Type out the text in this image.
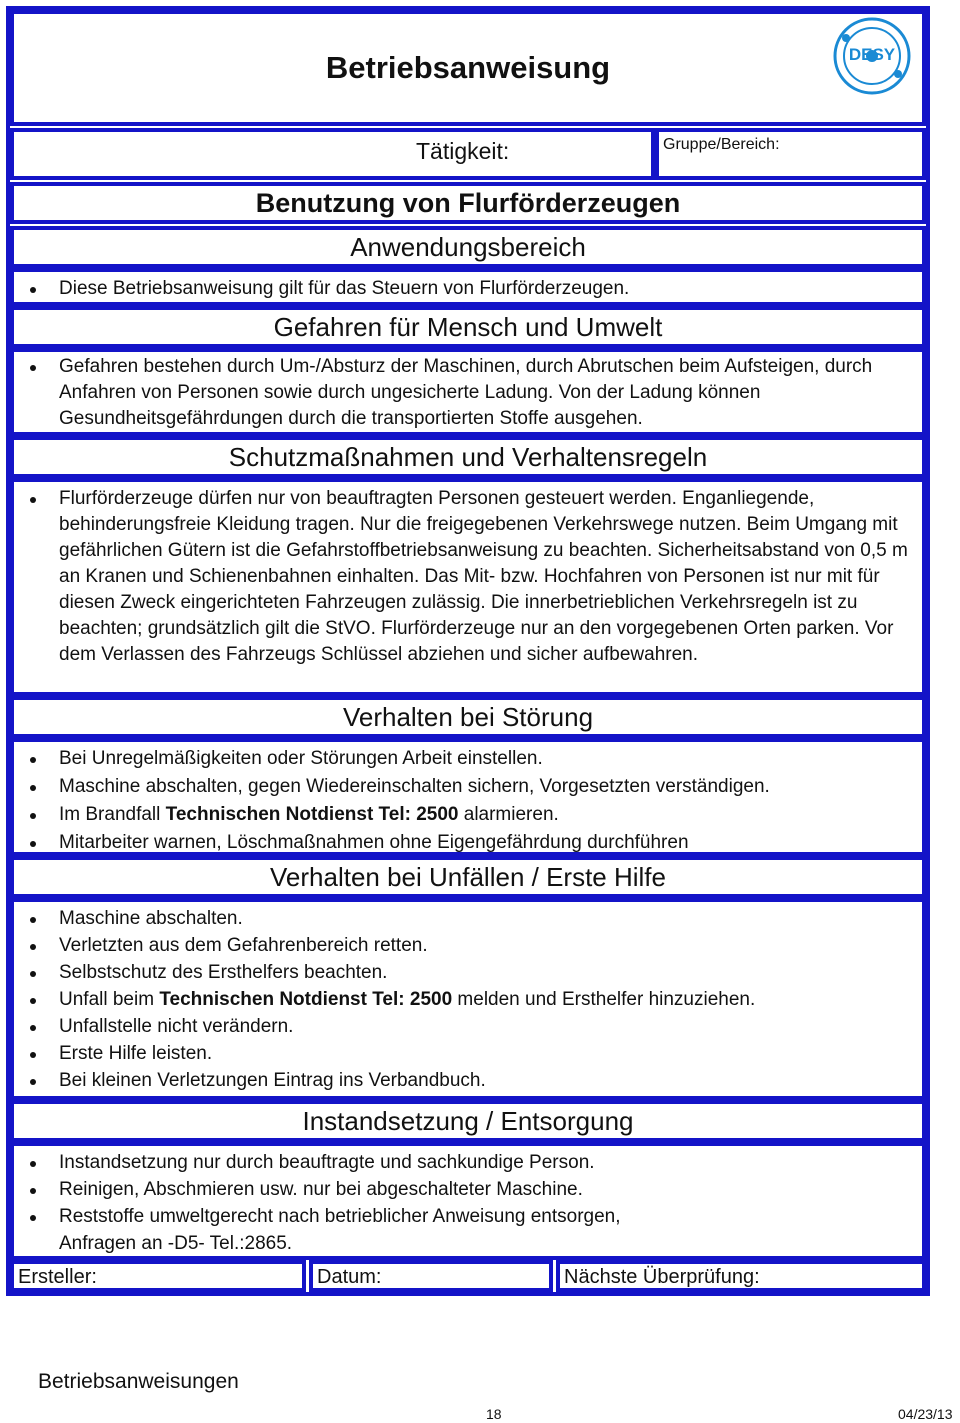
Betriebsanweisung	DESY
Tätigkeit:	Gruppe/Bereich:
Benutzung von Flurförderzeugen
Anwendungsbereich
Diese Betriebsanweisung gilt für das Steuern von Flurförderzeugen.
Gefahren für Mensch und Umwelt
Gefahren bestehen durch Um-/Absturz der Maschinen, durch Abrutschen beim Aufsteigen, durch Anfahren von Personen sowie durch ungesicherte Ladung. Von der Ladung können Gesundheitsgefährdungen durch die transportierten Stoffe ausgehen.
Schutzmaßnahmen und Verhaltensregeln
Flurförderzeuge dürfen nur von beauftragten Personen gesteuert werden. Enganliegende, behinderungsfreie Kleidung tragen. Nur die freigegebenen Verkehrswege nutzen. Beim Umgang mit gefährlichen Gütern ist die Gefahrstoffbetriebsanweisung zu beachten. Sicherheitsabstand von 0,5 m an Kranen und Schienenbahnen einhalten. Das Mit- bzw. Hochfahren von Personen ist nur mit für diesen Zweck eingerichteten Fahrzeugen zulässig. Die innerbetrieblichen Verkehrsregeln ist zu beachten; grundsätzlich gilt die StVO. Flurförderzeuge nur an den vorgegebenen Orten parken. Vor dem Verlassen des Fahrzeugs Schlüssel abziehen und sicher aufbewahren.
Verhalten bei Störung
Bei Unregelmäßigkeiten oder Störungen Arbeit einstellen.
Maschine abschalten, gegen Wiedereinschalten sichern, Vorgesetzten verständigen.
Im Brandfall Technischen Notdienst Tel: 2500 alarmieren.
Mitarbeiter warnen, Löschmaßnahmen ohne Eigengefährdung durchführen
Verhalten bei Unfällen / Erste Hilfe
Maschine abschalten.
Verletzten aus dem Gefahrenbereich retten.
Selbstschutz des Ersthelfers beachten.
Unfall beim Technischen Notdienst Tel: 2500 melden und Ersthelfer hinzuziehen.
Unfallstelle nicht verändern.
Erste Hilfe leisten.
Bei kleinen Verletzungen Eintrag ins Verbandbuch.
Instandsetzung / Entsorgung
Instandsetzung nur durch beauftragte und sachkundige Person.
Reinigen, Abschmieren usw. nur bei abgeschalteter Maschine.
Reststoffe umweltgerecht nach betrieblicher Anweisung entsorgen,
Anfragen an -D5- Tel.:2865.
Ersteller:	Datum:	Nächste Überprüfung:
Betriebsanweisungen
18	04/23/13
